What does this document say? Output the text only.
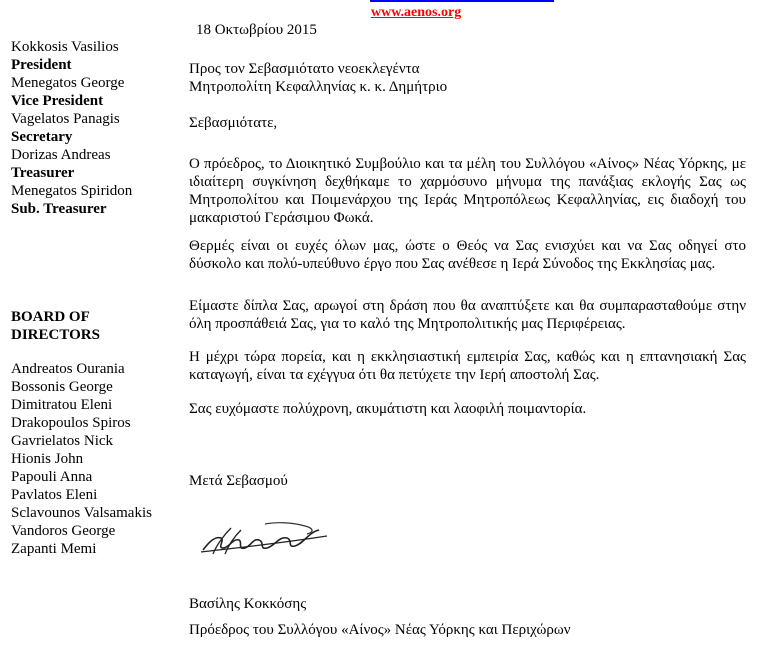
www.aenos.org
18 Οκτωβρίου 2015
Kokkosis Vasilios
President
Menegatos George
Vice President
Vagelatos Panagis
Secretary
Dorizas Andreas
Treasurer
Menegatos Spiridon
Sub. Treasurer
BOARD OF
DIRECTORS
Andreatos Ourania
Bossonis George
Dimitratou Eleni
Drakopoulos Spiros
Gavrielatos Nick
Hionis John
Papouli Anna
Pavlatos Eleni
Sclavounos Valsamakis
Vandoros George
Zapanti Memi
Προς τον Σεβασμιότατο νεοεκλεγέντα
Μητροπολίτη Κεφαλληνίας κ. κ. Δημήτριο
Σεβασμιότατε,
Ο πρόεδρος, το Διοικητικό Συμβούλιο και τα μέλη του Συλλόγου «Αίνος» Νέας Υόρκης, με ιδιαίτερη συγκίνηση δεχθήκαμε το χαρμόσυνο μήνυμα της πανάξιας εκλογής Σας ως Μητροπολίτου και Ποιμενάρχου της Ιεράς Μητροπόλεως Κεφαλληνίας, εις διαδοχή του μακαριστού Γεράσιμου Φωκά.
Θερμές είναι οι ευχές όλων μας, ώστε ο Θεός να Σας ενισχύει και να Σας οδηγεί στο δύσκολο και πολύ-υπεύθυνο έργο που Σας ανέθεσε η Ιερά Σύνοδος της Εκκλησίας μας.
Είμαστε δίπλα Σας, αρωγοί στη δράση που θα αναπτύξετε και θα συμπαρασταθούμε στην όλη προσπάθειά Σας, για το καλό της Μητροπολιτικής μας Περιφέρειας.
Η μέχρι τώρα πορεία, και η εκκλησιαστική εμπειρία Σας, καθώς και η επτανησιακή Σας καταγωγή, είναι τα εχέγγυα ότι θα πετύχετε την Ιερή αποστολή Σας.
Σας ευχόμαστε πολύχρονη, ακυμάτιστη και λαοφιλή ποιμαντορία.
Μετά Σεβασμού
Βασίλης Κοκκόσης
Πρόεδρος του Συλλόγου «Αίνος» Νέας Υόρκης και Περιχώρων
